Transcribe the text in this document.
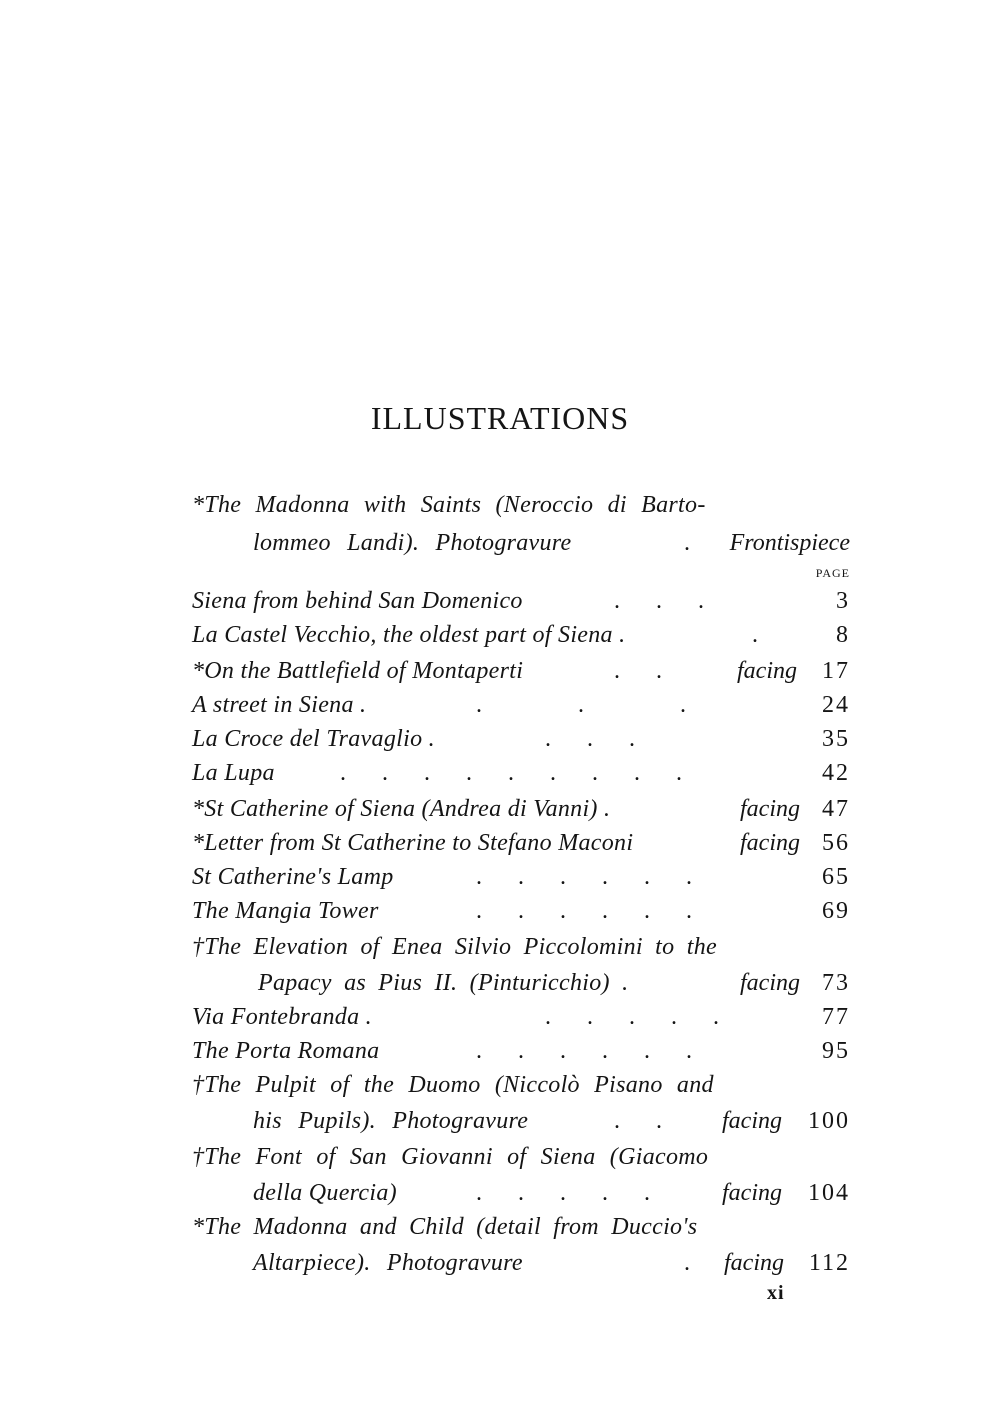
ILLUSTRATIONS
*The Madonna with Saints (Neroccio di Barto-
lommeo Landi). Photogravure	. Frontispiece
PAGE
Siena from behind San Domenico	.      .      .	3
La Castel Vecchio, the oldest part of Siena .	.	8
*On the Battlefield of Montaperti	.      .	facing 17
A street in Siena .	.                .                .	24
La Croce del Travaglio .	.      .      .	35
La Lupa	.      .      .      .      .      .      .      .      .	42
*St Catherine of Siena (Andrea di Vanni) .	facing 47
*Letter from St Catherine to Stefano Maconi	facing 56
St Catherine's Lamp	.      .      .      .      .      .	65
The Mangia Tower	.      .      .      .      .      .	69
†The Elevation of Enea Silvio Piccolomini to the
Papacy as Pius II. (Pinturicchio) .	facing 73
Via Fontebranda .	.      .      .      .      .	77
The Porta Romana	.      .      .      .      .      .	95
†The Pulpit of the Duomo (Niccolò Pisano and
his Pupils). Photogravure	.      .	facing 100
†The Font of San Giovanni of Siena (Giacomo
della Quercia)	.      .      .      .      .	facing 104
*The Madonna and Child (detail from Duccio's
Altarpiece). Photogravure	. facing 112
xi
